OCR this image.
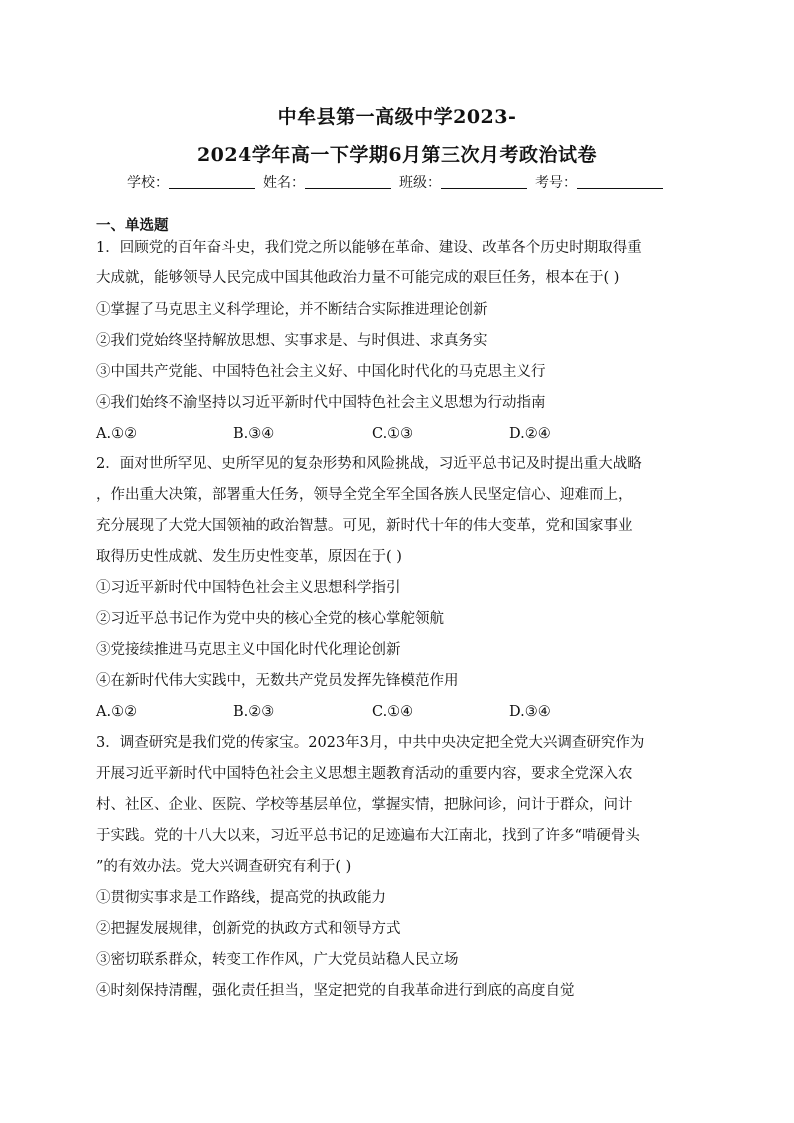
中牟县第一高级中学2023-
2024学年高一下学期6月第三次月考政治试卷
学校：	姓名：	班级：	考号：
一、单选题
1．回顾党的百年奋斗史，我们党之所以能够在革命、建设、改革各个历史时期取得重
大成就，能够领导人民完成中国其他政治力量不可能完成的艰巨任务，根本在于( )
①掌握了马克思主义科学理论，并不断结合实际推进理论创新
②我们党始终坚持解放思想、实事求是、与时俱进、求真务实
③中国共产党能、中国特色社会主义好、中国化时代化的马克思主义行
④我们始终不渝坚持以习近平新时代中国特色社会主义思想为行动指南
A.①②	B.③④	C.①③	D.②④
2．面对世所罕见、史所罕见的复杂形势和风险挑战，习近平总书记及时提出重大战略
，作出重大决策，部署重大任务，领导全党全军全国各族人民坚定信心、迎难而上，
充分展现了大党大国领袖的政治智慧。可见，新时代十年的伟大变革，党和国家事业
取得历史性成就、发生历史性变革，原因在于( )
①习近平新时代中国特色社会主义思想科学指引
②习近平总书记作为党中央的核心全党的核心掌舵领航
③党接续推进马克思主义中国化时代化理论创新
④在新时代伟大实践中，无数共产党员发挥先锋模范作用
A.①②	B.②③	C.①④	D.③④
3．调查研究是我们党的传家宝。2023年3月，中共中央决定把全党大兴调查研究作为
开展习近平新时代中国特色社会主义思想主题教育活动的重要内容，要求全党深入农
村、社区、企业、医院、学校等基层单位，掌握实情，把脉问诊，问计于群众，问计
于实践。党的十八大以来，习近平总书记的足迹遍布大江南北，找到了许多“啃硬骨头
”的有效办法。党大兴调查研究有利于( )
①贯彻实事求是工作路线，提高党的执政能力
②把握发展规律，创新党的执政方式和领导方式
③密切联系群众，转变工作作风，广大党员站稳人民立场
④时刻保持清醒，强化责任担当，坚定把党的自我革命进行到底的高度自觉
